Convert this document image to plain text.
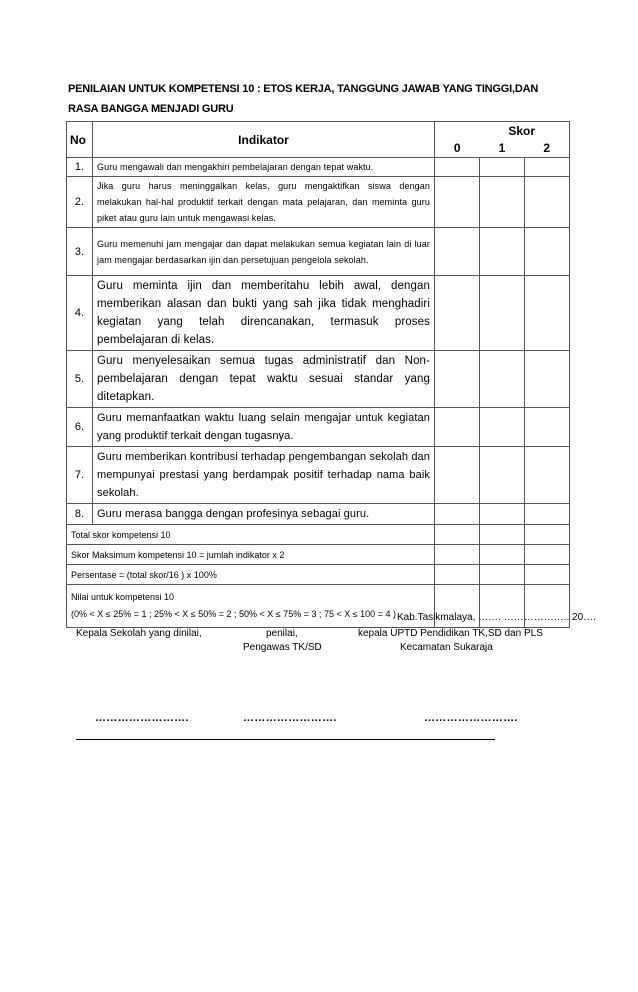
PENILAIAN UNTUK KOMPETENSI 10 : ETOS KERJA, TANGGUNG JAWAB YANG TINGGI,DAN
RASA BANGGA MENJADI GURU
No	Indikator	Skor		
		0	1	2
1.	Guru mengawali dan mengakhiri pembelajaran dengan tepat waktu.			
2.	Jika guru harus meninggalkan kelas, guru mengaktifkan siswa dengan melakukan hal-hal produktif terkait dengan mata pelajaran, dan meminta guru piket atau guru lain untuk mengawasi kelas.			
3.	Guru memenuhi jam mengajar dan dapat melakukan semua kegiatan lain di luar jam mengajar berdasarkan ijin dan persetujuan pengelola sekolah.			
4.	Guru meminta ijin dan memberitahu lebih awal, dengan memberikan alasan dan bukti yang sah jika tidak menghadiri kegiatan yang telah direncanakan, termasuk proses pembelajaran di kelas.			
5.	Guru menyelesaikan semua tugas administratif dan Non-pembelajaran dengan tepat waktu sesuai standar yang ditetapkan.			
6.	Guru memanfaatkan waktu luang selain mengajar untuk kegiatan yang produktif terkait dengan tugasnya.			
7.	Guru memberikan kontribusi terhadap pengembangan sekolah dan mempunyai prestasi yang berdampak positif terhadap nama baik sekolah.			
8.	Guru merasa bangga dengan profesinya sebagai guru.			
Total skor kompetensi 10				
Skor Maksimum kompetensi 10 = jumlah indikator x 2				
Persentase = (total skor/16 ) x 100%				

Nilai untuk kompetensi 10
(0% < X ≤ 25% = 1 ; 25% < X ≤ 50% = 2 ; 50% < X ≤ 75% = 3 ; 75 < X ≤ 100 = 4 )				
			Kab.Tasikmalaya, ……. ……………….. 20….
Kepala Sekolah yang dinilai,	penilai,
Pengawas TK/SD
kepala UPTD Pendidikan TK,SD dan PLS
Kecamatan Sukaraja
…………………….	…………………….	…………………….
